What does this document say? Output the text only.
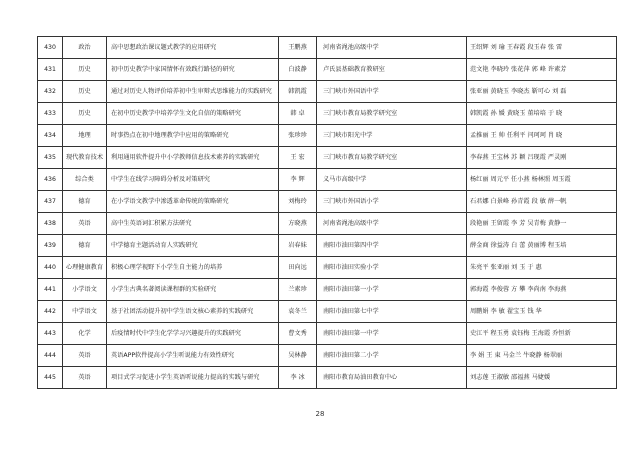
430	政治	高中思想政治课议题式教学的应用研究	王鹏燕	河南省渑池高级中学	王绍辉 刘 瑜 王春霞 段玉春 张 雷
431	历史	初中历史教学中家国情怀有效践行路径的研究	白波静	卢氏县基础教育教研室	范文艳 李晓玲 张花萍 郭 峰 许素芳
432	历史	通过对历史人物评价培养初中生审辩式思维能力的实践研究	韩凯霞	三门峡市外国语中学	张亚丽 黄晓玉 李晓杰 靳可心 刘 磊
433	历史	在初中历史教学中培养学生文化自信的策略研究	韩 卓	三门峡市教育局教学研究室	韩凯霞 孙 媛 黄晓玉 董培培 于 晓
434	地理	时事热点在初中地理教学中应用的策略研究	张珍珍	三门峡市阳光中学	孟推丽 王 帅 任利平 闫珂珂 肖 晓
435	现代教育技术	利用通用软件提升中小学教师信息技术素养的实践研究	王 宏	三门峡市教育局教学研究室	李春燕 王宝林 苏 颖 吕现霞 严灵刚
436	综合类	中学生在线学习障碍分析及对策研究	李 辉	义马市高级中学	杨红丽 周元平 任小燕 杨林照 周玉霞
437	德育	在小学语文教学中渗透革命传统的策略研究	刘梅玲	三门峡市外国语小学	石君娜 白景峰 孙青霞 段 敏 薛一帆
438	英语	高中生英语词汇积累方法研究	方晓燕	河南省渑池高级中学	段艳丽 王留霞 李 芳 吴青梅 黄静一
439	德育	中学德育主题活动育人实践研究	岩春妹	南阳市油田第四中学	薛金商 徐益涛 白 蕾 黄丽博 程玉培
440	心理健康教育	积极心理学视野下小学生自主能力的培养	田向远	南阳市油田实验小学	朱亮平 张亚丽 刘 玉 于 惠
441	小学语文	小学生古典名著阅读课程群的实验研究	兰素珍	南阳市油田第一小学	郭海霞 李俊蓉 方 攀 李尚南 李海燕
442	中学语文	基于社团活动提升初中学生语文核心素养的实践研究	袁冬兰	南阳市油田第七中学	周鹏娟 李 敏 翟宝玉 钱 华
443	化学	后疫情时代中学生化学学习兴趣提升的实践研究	曹文秀	南阳市油田第一中学	史江平 程玉勇 袁钰梅 王海霞 乔恒新
444	英语	英语APP软件提高小学生听说能力有效性研究	吴林静	南阳市油田第二小学	李 娟 王 東 马金兰 牛晓静 杨翠丽
445	英语	项目式学习促进小学生英语听说能力提高的实践与研究	李 冰	南阳市教育局油田教育中心	刘志莲 王淑敏 邵福燕 马婕媛
28
